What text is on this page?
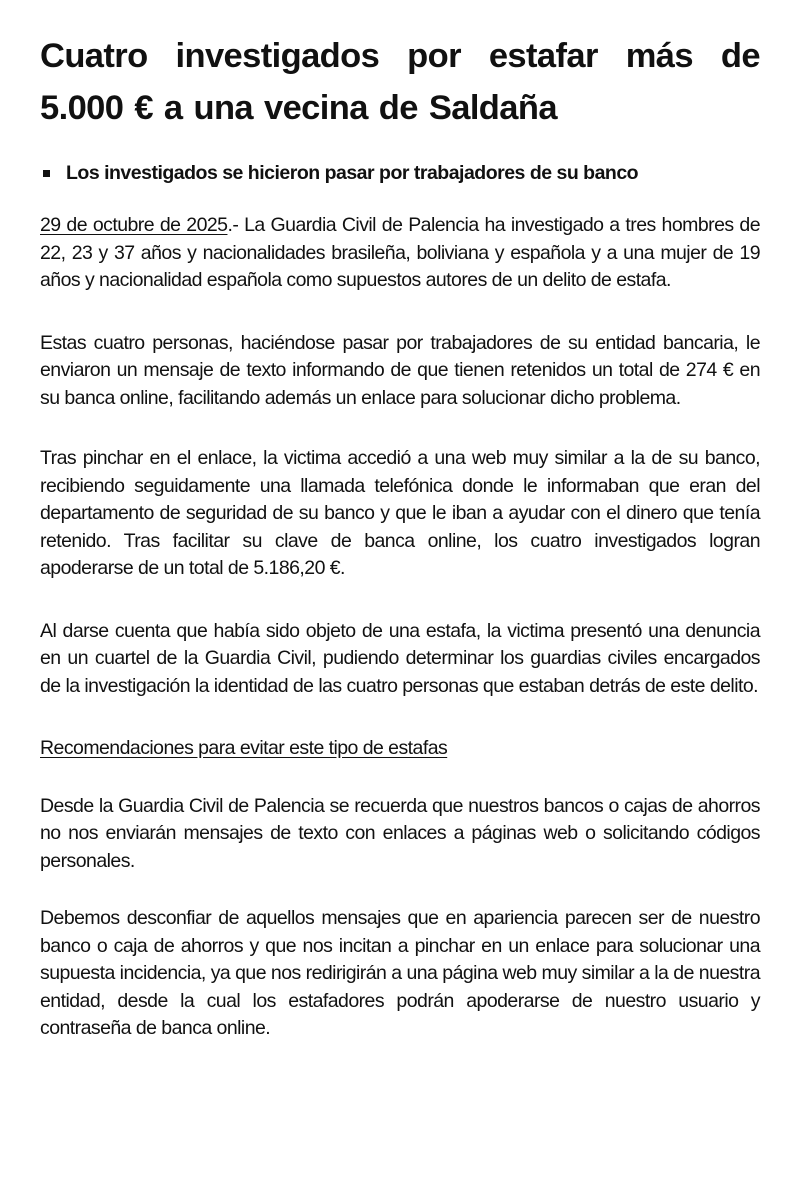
Cuatro investigados por estafar más de 5.000 € a una vecina de Saldaña
Los investigados se hicieron pasar por trabajadores de su banco

29 de octubre de 2025.- La Guardia Civil de Palencia ha investigado a tres hombres de 22, 23 y 37 años y nacionalidades brasileña, boliviana y española y a una mujer de 19 años y nacionalidad española como supuestos autores de un delito de estafa.

Estas cuatro personas, haciéndose pasar por trabajadores de su entidad bancaria, le enviaron un mensaje de texto informando de que tienen retenidos un total de 274 € en su banca online, facilitando además un enlace para solucionar dicho problema.

Tras pinchar en el enlace, la victima accedió a una web muy similar a la de su banco, recibiendo seguidamente una llamada telefónica donde le informaban que eran del departamento de seguridad de su banco y que le iban a ayudar con el dinero que tenía retenido. Tras facilitar su clave de banca online, los cuatro investigados logran apoderarse de un total de 5.186,20 €.

Al darse cuenta que había sido objeto de una estafa, la victima presentó una denuncia en un cuartel de la Guardia Civil, pudiendo determinar los guardias civiles encargados de la investigación la identidad de las cuatro personas que estaban detrás de este delito.

Recomendaciones para evitar este tipo de estafas

Desde la Guardia Civil de Palencia se recuerda que nuestros bancos o cajas de ahorros no nos enviarán mensajes de texto con enlaces a páginas web o solicitando códigos personales.

Debemos desconfiar de aquellos mensajes que en apariencia parecen ser de nuestro banco o caja de ahorros y que nos incitan a pinchar en un enlace para solucionar una supuesta incidencia, ya que nos redirigirán a una página web muy similar a la de nuestra entidad, desde la cual los estafadores podrán apoderarse de nuestro usuario y contraseña de banca online.
